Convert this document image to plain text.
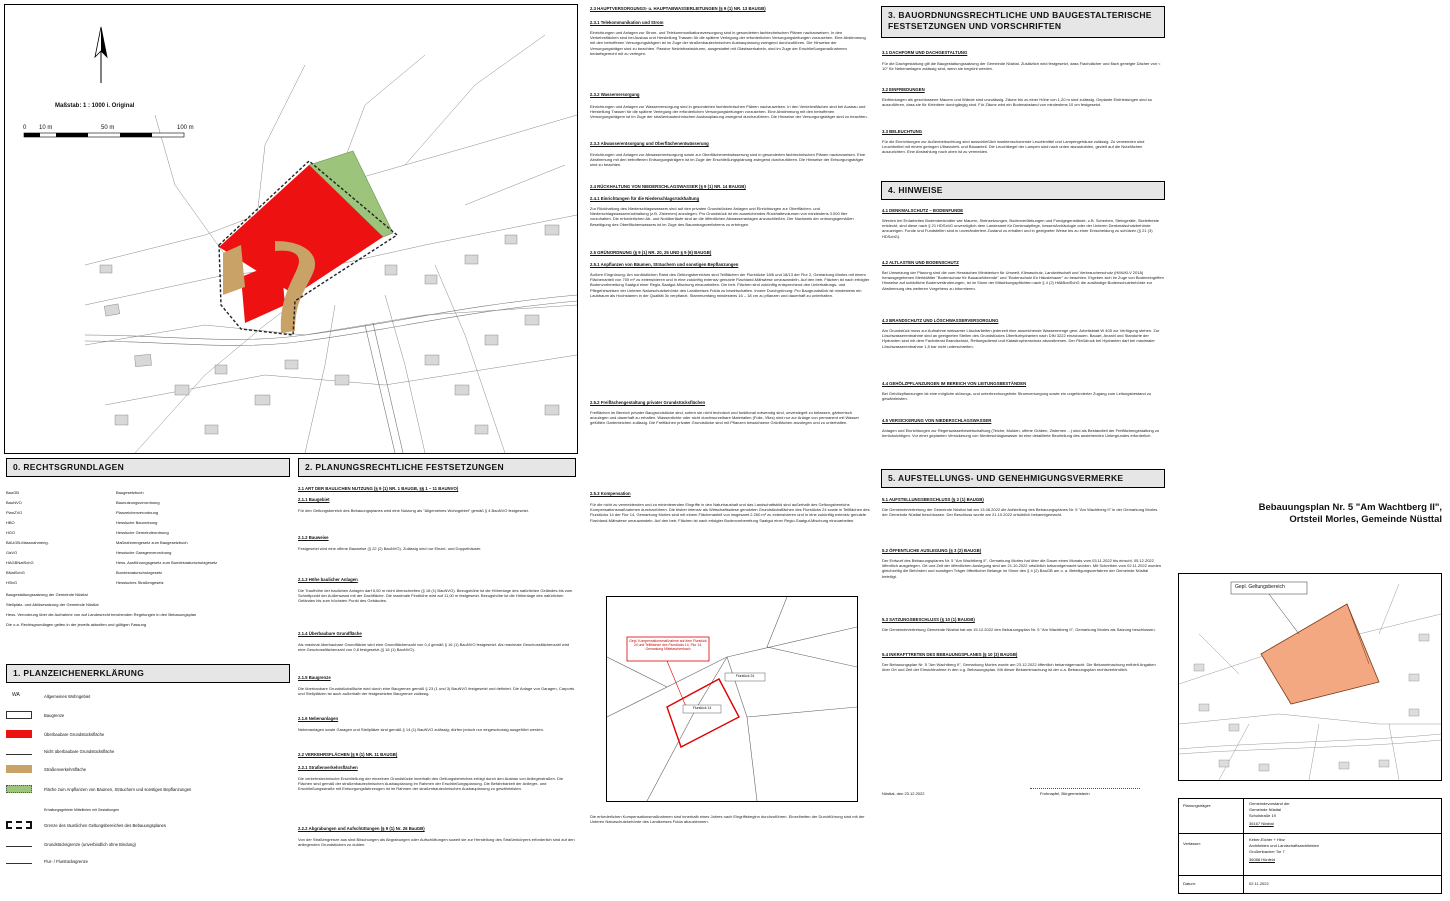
Maßstab: 1 : 1000 i. Original
0 10 m	50 m	100 m
0. RECHTSGRUNDLAGEN
BauGB	Baugesetzbuch
BauNVO	Baunutzungsverordnung
PlanZVO	Planzeichenverordnung
HBO	Hessische Bauordnung
HGO	Hessische Gemeindeordnung
BAUGB-Massnahmeng.	Maßnahmengesetz zum Baugesetzbuch
GaVO	Hessische Garagenverordnung
HAGBNatSchG	Hess. Ausführungsgesetz zum Bundesnaturschutzgesetz
BNatSchG	Bundesnaturschutzgesetz
HStrG	Hessisches Straßengesetz
Baugestaltungssatzung der Gemeinde Nüsttal
Stellplatz- und Ablösesatzung der Gemeinde Nüsttal
Hess. Verordnung über die Aufnahme von auf Landesrecht beruhenden Regelungen in den Bebauungsplan
Die o.a. Rechtsgrundlagen gelten in der jeweils aktuellen und gültigen Fassung
1. PLANZEICHENERKLÄRUNG
WA	Allgemeines Wohngebiet
Baugrenze
Überbaubare Grundstücksfläche
Nicht überbaubare Grundstücksfläche
Straßenverkehrsfläche
Fläche zum Anpflanzen von Bäumen, Sträuchern und sonstigen Bepflanzungen
Erhaltungsgebiete Mittellinien mit Gestaltungen
Grenze des räumlichen Geltungsbereiches des Bebauungsplanes
Grundstücksgrenze (unverbindlich ohne Bindung)
Flur- / Flurstücksgrenze
2. PLANUNGSRECHTLICHE FESTSETZUNGEN
2.1 ART DER BAULICHEN NUTZUNG (§ 9 (1) NR. 1 BAUGB, §§ 1 – 11 BAUNVO)
2.1.1 Baugebiet
Für den Geltungsbereich des Bebauungsplanes wird eine Nutzung als "Allgemeines Wohngebiet" gemäß § 4 BauNVO festgesetzt.
2.1.2 Bauweise
Festgesetzt wird eine offene Bauweise (§ 22 (2) BauNVO). Zulässig sind nur Einzel- und Doppelhäuser.
2.1.3 Höhe baulicher Anlagen
Die Traufhöhe der baulichen Anlagen darf 6,50 m nicht überschreiten (§ 18 (1) BauNVO). Bezugshöhe ist die Höhenlage des natürlichen Geländes bis zum Schnittpunkt der Außenwand mit der Dachfläche. Die maximale Firsthöhe wird auf 11,00 m festgesetzt. Bezugshöhe ist die Höhenlage des natürlichen Geländes bis zum höchsten Punkt des Gebäudes.
2.1.4 Überbaubare Grundfläche
Als maximal überbaubare Grundfläche wird eine Grundflächenzahl von 0,4 gemäß § 16 (1) BauNVO festgesetzt. Als maximale Geschossflächenzahl wird eine Geschossflächenzahl von 0,8 festgesetzt (§ 16 (1) BauNVO).
2.1.5 Baugrenze
Die überbaubare Grundstücksfläche wird durch eine Baugrenze gemäß § 23 (1 und 3) BauNVO festgesetzt und definiert. Die Anlage von Garagen, Carports und Stellplätzen ist auch außerhalb der festgesetzten Baugrenze zulässig.
2.1.6 Nebenanlagen
Nebenanlagen sowie Garagen und Stellplätze sind gemäß § 14 (1) BauNVO zulässig; dürfen jedoch nur eingeschossig ausgeführt werden.
2.2 VERKEHRSFLÄCHEN (§ 9 (1) NR. 11 BAUGB)
2.2.1 Straßenverkehrsflächen
Die verkehrstechnische Erschließung der einzelnen Grundstücke innerhalb des Geltungsbereiches erfolgt durch den Ausbau von Anliegerstraßen. Die Flächen sind gemäß der straßenbautechnischen Ausbauplanung im Rahmen der Erschließungsplanung. Die Befahrbarkeit der Anlieger- und Erschließungsstraße mit Entsorgungsfahrzeugen ist im Rahmen der straßenbautechnischen Ausbauplanung zu gewährleisten.
2.2.2 Abgrabungen und Aufschüttungen (§ 9 (1) Nr. 26 BauGB)
Von der Straßengrenze aus sind Böschungen als Abgrabungen oder Aufschüttungen soweit sie zur Herstellung des Straßenkörpers erforderlich sind auf den anliegenden Grundstücken zu dulden.
2.3 HAUPTVERSORGUNGS- u. HAUPTABWASSERLEITUNGEN (§ 9 (1) NR. 13 BAUGB)
2.3.1 Telekommunikation und Strom
Einrichtungen und Anlagen zur Strom- und Telekommunikationsversorgung sind in gesonderten fachtechnischen Plänen nachzuweisen. In den Verkehrsflächen sind bei Ausbau und Herstellung Trassen für die spätere Verlegung der erforderlichen Versorgungsleitungen vorzusehen. Eine Abstimmung mit den betroffenen Versorgungsträgern ist im Zuge der straßenbautechnischen Ausbauplanung zwingend durchzuführen. Die Hinweise der Versorgungsträger sind zu beachten. Passive Netzinfrastrukturen, ausgestattet mit Glasfaserkabeln, sind im Zuge der Erschließungsmaßnahmen bedarfsgerecht mit zu verlegen.
2.3.2 Wasserversorgung
Einrichtungen und Anlagen zur Wasserversorgung sind in gesonderten fachtechnischen Plänen nachzuweisen. In den Verkehrsflächen sind bei Ausbau und Herstellung Trassen für die spätere Verlegung der erforderlichen Versorgungsleitungen vorzusehen. Eine Abstimmung mit den betroffenen Versorgungsträgern ist im Zuge der straßenbautechnischen Ausbauplanung zwingend durchzuführen. Die Hinweise der Versorgungsträger sind zu beachten.
2.3.3 Abwasserentsorgung und Oberflächenentwässerung
Einrichtungen und Anlagen zur Abwasserentsorgung sowie zur Oberflächenentwässerung sind in gesonderten fachtechnischen Plänen nachzuweisen. Eine Abstimmung mit den betroffenen Entsorgungsträgern ist im Zuge der Erschließungsplanung zwingend durchzuführen. Die Hinweise der Entsorgungsträger sind zu beachten.
2.4 RÜCKHALTUNG VON NIEDERSCHLAGSWASSER (§ 9 (1) NR. 14 BAUGB)
2.4.1 Einrichtungen für die Niederschlagsrückhaltung
Zur Rückhaltung des Niederschlagswassers sind auf den privaten Grundstücken Anlagen und Einrichtungen zur Oberflächen- und Niederschlagswasserrückhaltung (z.B. Zisternen) anzulegen. Pro Grundstück ist ein ausreichendes Rückhaltevolumen von mindestens 3.000 liter vorzuhalten. Die erforderlichen Ab- und Notüberläufe sind an die öffentlichen Abwasseranlagen anzuschließen. Der Nachweis der ordnungsgemäßen Beseitigung des Oberflächenwassers ist im Zuge des Bauantragsverfahrens zu erbringen.
2.5 GRÜNORDNUNG (§ 9 (1) NR. 20, 25 UND § 9 (6) BAUGB)
2.5.1 Anpflanzen von Bäumen, Sträuchern und sonstigen Bepflanzungen
Äußere Eingrünung: Am nordöstlichen Rand des Geltungsbereiches sind Teilflächen der Flurstücke 18/6 und 18/13 der Flur 2, Gemarkung Morles mit einem Flächenanteil von 700 m² zu extensivieren und in eine zukünftig extensiv genutzte Flachland-Mähwiese umzuwandeln. Auf den betr. Flächen ist nach erfolgter Bodenvorbereitung Saatgut einer Regio-Saatgut-Mischung einzuarbeiten. Die betr. Flächen sind zukünftig entsprechend den Unterhaltungs- und Pflegehinweisen der Unteren Naturschutzbehörde des Landkreises Fulda zu bewirtschaften. Innere Durchgrünung: Pro Baugrundstück ist mindestens ein Laubbaum als Hochstamm in der Qualität 3x verpflanzt, Stammumfang mindestens 16 – 18 cm zu pflanzen und dauerhaft zu unterhalten.
2.5.2 Freiflächengestaltung privater Grundstücksflächen
Freiflächen im Bereich privater Baugrundstücke sind, sofern sie nicht technisch und funktional notwendig sind, unversiegelt zu belassen, gärtnerisch anzulegen und dauerhaft zu erhalten. Wasserdichte oder nicht durchwurzelbare Materialien (Folie, Vlies) sind nur zur Anlage von permanent mit Wasser gefüllten Gartenteichen zulässig. Die Freiflächen privater Grundstücke sind mit Pflanzen bewachsene Grünflächen anzulegen und zu unterhalten.
2.5.3 Kompensation
Für die nicht zu vermeidenden und zu minimierenden Eingriffe in den Naturhaushalt und das Landschaftsbild sind außerhalb des Geltungsbereichs Kompensationsmaßnahmen durchzuführen. Die bisher intensiv als Wirtschaftswiese genutzten Grundstücksflächen des Flurstücks 24 sowie in Teilflächen des Flurstücks 14 der Flur 14, Gemarkung Morles sind mit einem Flächenanteil von insgesamt 2.260 m² zu extensivieren und in eine zukünftig extensiv genutzte Flachland-Mähwiese umzuwandeln. Auf den betr. Flächen ist nach erfolgter Bodenvorbereitung Saatgut einer Regio-Saatgut-Mischung einzuarbeiten.
Gepl. Kompensationsmaßnahme auf dem Flurstück 24 und Teilflächen des Flurstücks 14, Flur 14, Gemarkung Mittelaschenbach
Flurstück 24
Flurstück 14
Die erforderlichen Kompensationsmaßnahmen sind innerhalb eines Jahres nach Eingriffsbeginn durchzuführen. Einzelheiten der Durchführung sind mit der Unteren Naturschutzbehörde des Landkreises Fulda abzustimmen.
3. BAUORDNUNGSRECHTLICHE UND BAUGESTALTERISCHE FESTSETZUNGEN UND VORSCHRIFTEN
3.1 DACHFORM UND DACHGESTALTUNG
Für die Dachgestaltung gilt die Baugestaltungssatzung der Gemeinde Nüsttal. Zusätzlich wird festgesetzt, dass Flachdächer und flach geneigte Dächer von < 10° für Nebenanlagen zulässig sind, wenn sie begrünt werden.
3.2 EINFRIEDUNGEN
Einfriedungen als geschlossene Mauern und Wände sind unzulässig. Zäune bis zu einer Höhe von 1,20 m sind zulässig. Geplante Einfriedungen sind so auszuführen, dass sie für Kleintiere durchgängig sind. Für Zäune wird ein Bodenabstand von mindestens 10 cm festgesetzt.
3.3 BELEUCHTUNG
Für die Einrichtungen zur Außenbeleuchtung sind ausschließlich insektenschonende Leuchtmittel und Lampengehäuse zulässig. Zu verwenden sind Leuchtmittel mit einem geringen Ultraviolett- und Blauanteil. Die Leuchtkegel der Lampen sind nach unten abzustrahlen, gezielt auf die Nutzflächen auszurichten. Eine Abstrahlung nach oben ist zu vermeiden.
4. HINWEISE
4.1 DENKMALSCHUTZ – BODENFUNDE
Werden bei Erdarbeiten Bodendenkmäler wie Mauern, Steinsetzungen, Bodenverfärbungen und Fundgegenstände, z.B. Scherben, Steingeräte, Skelettreste entdeckt, sind diese nach § 21 HDSchG unverzüglich dem Landesamt für Denkmalpflege, hessenArchäologie oder der Unteren Denkmalschutzbehörde anzuzeigen. Funde und Fundstellen sind in unverändertem Zustand zu erhalten und in geeigneter Weise bis zu einer Entscheidung zu schützen (§ 21 (3) HDSchG).
4.2 ALTLASTEN UND BODENSCHUTZ
Bei Umsetzung der Planung sind die vom Hessischen Ministerium für Umwelt, Klimaschutz, Landwirtschaft und Verbraucherschutz (HMUKLV 2018) herausgegebenen Merkblätter "Bodenschutz für Bauausführende" und "Bodenschutz für Häuslebauer" zu beachten. Ergeben sich im Zuge von Bodeneingriffen Hinweise auf schädliche Bodenveränderungen, ist im Sinne der Mitwirkungspflichten nach § 4 (2) HAltBodSchG die zuständige Bodenschutzbehörde zur Abstimmung des weiteren Vorgehens zu informieren.
4.3 BRANDSCHUTZ UND LÖSCHWASSERVERSORGUNG
Am Grundstück muss zur Aufnahme wirksamer Löscharbeiten jederzeit eine ausreichende Wassermenge gem. Arbeitsblatt W 405 zur Verfügung stehen. Zur Löschwasserentnahme sind an geeigneten Stellen des Grundstückes Überflurhydranten nach DIN 3222 einzubauen. Bauart, Anzahl und Standorte der Hydranten sind mit dem Fachdienst Brandschutz, Rettungsdienst und Katastrophenschutz abzustimmen. Der Fließdruck bei Hydranten darf bei maximaler Löschwasserentnahme 1,5 bar nicht unterschreiten.
4.4 GEHÖLZPFLANZUNGEN IM BEREICH VON LEITUNGSBESTÄNDEN
Bei Gehölzpflanzungen ist eine mögliche störungs- und unterbrechungsfreie Stromversorgung sowie ein ungehinderter Zugang zum Leitungsbestand zu gewährleisten.
4.5 VERSICKERUNG VON NIEDERSCHLAGSWASSER
Anlagen und Einrichtungen zur Regenwasserbewirtschaftung (Teiche, Mulden, offene Gräben, Zisternen ...) sind als Bestandteil der Freiflächengestaltung zu berücksichtigen. Vor einer geplanten Versickerung von Niederschlagswasser ist eine detaillierte Beurteilung des anstehenden Untergrundes erforderlich.
5. AUFSTELLUNGS- UND GENEHMIGUNGSVERMERKE
5.1 AUFSTELLUNGSBESCHLUSS (§ 2 (1) BAUGB)
Die Gemeindevertretung der Gemeinde Nüsttal hat am 13.06.2022 die Aufstellung des Bebauungsplanes Nr. 5 "Am Wachtberg II" in der Gemarkung Morles der Gemeinde Nüsttal beschlossen. Der Beschluss wurde am 21.10.2022 ortsüblich bekanntgemacht.
5.2 ÖFFENTLICHE AUSLEGUNG (§ 3 (2) BAUGB)
Der Entwurf des Bebauungsplanes Nr. 5 "Am Wachtberg II", Gemarkung Morles hat über die Dauer eines Monats vom 03.11.2022 bis einschl. 05.12.2022 öffentlich ausgelegen. Ort und Zeit der öffentlichen Auslegung sind am 21.10.2022 ortsüblich bekanntgemacht worden. Mit Schreiben vom 02.11.2022 wurden gleichzeitig die Behörden und sonstigen Träger öffentlicher Belange im Sinne des § 4 (2) BauGB am o. a. Beteiligungsverfahren der Gemeinde Nüsttal beteiligt.
5.3 SATZUNGSBESCHLUSS (§ 10 (1) BAUGB)
Die Gemeindevertretung Gemeinde Nüsttal hat am 15.12.2022 den Bebauungsplan Nr. 5 "Am Wachtberg II", Gemarkung Morles als Satzung beschlossen.
5.4 INKRAFTTRETEN DES BEBAUUNGSPLANES (§ 10 (3) BAUGB)
Der Bebauungsplan Nr. 5 "Am Wachtberg II", Gemarkung Morles wurde am 23.12.2022 öffentlich bekanntgemacht. Die Bekanntmachung enthielt Angaben über Ort und Zeit der Einsichtnahme in den o.g. Bebauungsplan. Mit dieser Bekanntmachung ist der o.a. Bebauungsplan rechtsverbindlich.
Nüsttal, den 23.12.2022	Frohnapfel, Bürgermeisterin
Bebauungsplan Nr. 5 "Am Wachtberg II",
Ortsteil Morles, Gemeinde Nüsttal
Gepl. Geltungsbereich
Planungsträger:	Gemeindevorstand der
Gemeinde Nüsttal
Schulstraße 19
36167 Nüsttal
Verfasser:
Keber-Eicher + Hinz
Architekten und Landschaftsarchitekten
Großenbacher Tor 7
36088 Hünfeld
Datum:	02.11.2022
